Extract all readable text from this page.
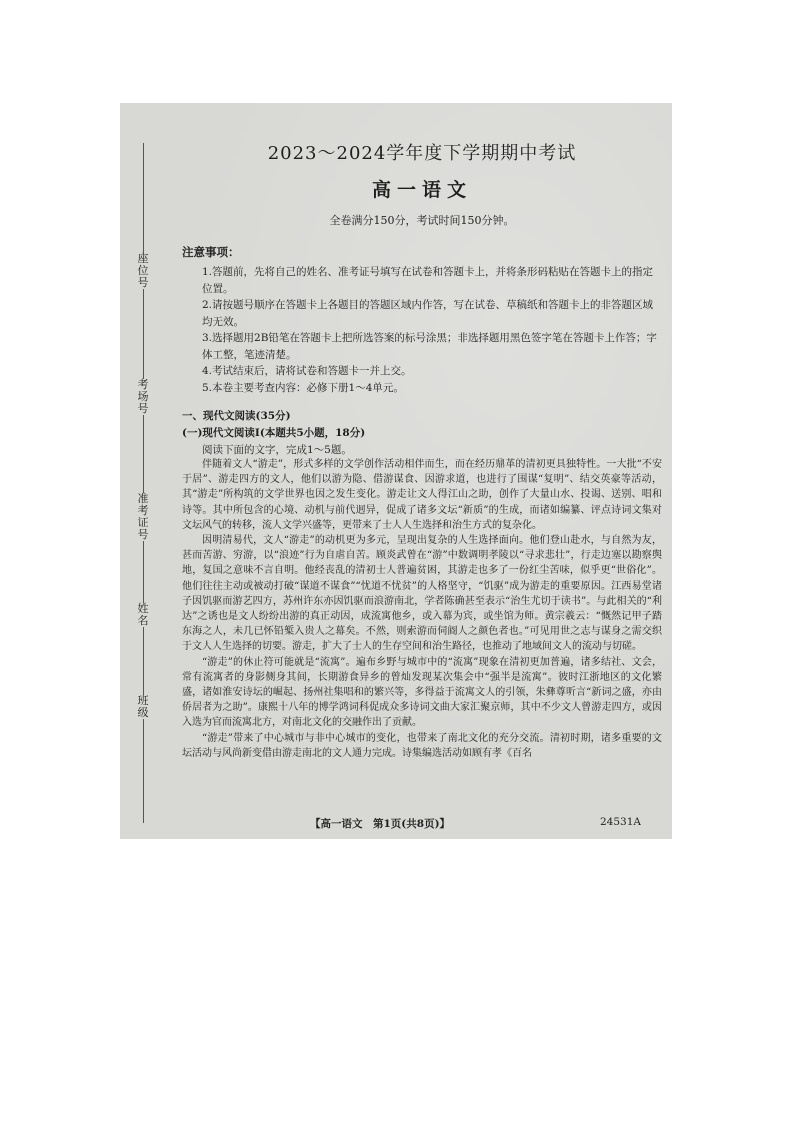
座位号
考场号
准考证号
姓名
班级
2023～2024学年度下学期期中考试
高一语文
全卷满分150分，考试时间150分钟。
注意事项：
1.答题前，先将自己的姓名、准考证号填写在试卷和答题卡上，并将条形码粘贴在答题卡上的指定位置。
2.请按题号顺序在答题卡上各题目的答题区域内作答，写在试卷、草稿纸和答题卡上的非答题区域均无效。
3.选择题用2B铅笔在答题卡上把所选答案的标号涂黑；非选择题用黑色签字笔在答题卡上作答；字体工整，笔迹清楚。
4.考试结束后，请将试卷和答题卡一并上交。
5.本卷主要考查内容：必修下册1～4单元。
一、现代文阅读(35分)
(一)现代文阅读Ⅰ(本题共5小题，18分)
阅读下面的文字，完成1～5题。

伴随着文人“游走”，形式多样的文学创作活动相伴而生，而在经历鼎革的清初更具独特性。一大批“不安于居”、游走四方的文人，他们以游为隐、借游谋食、因游求道，也进行了围谋“复明”、结交英豪等活动，其“游走”所构筑的文学世界也因之发生变化。游走让文人得江山之助，创作了大量山水、投谒、送别、唱和诗等。其中所包含的心境、动机与前代迥异，促成了诸多文坛“新质”的生成，而诸如编纂、评点诗词文集对文坛风气的转移，流人文学兴盛等，更带来了士人人生选择和治生方式的复杂化。

因明清易代，文人“游走”的动机更为多元，呈现出复杂的人生选择面向。他们登山赴水，与自然为友，甚而苦游、穷游，以“浪迹”行为自虐自苦。顾炎武曾在“游”中数调明孝陵以“寻求悲壮”，行走边塞以勘察舆地，复国之意味不言自明。他经丧乱的清初士人普遍贫困，其游走也多了一份红尘苦味，似乎更“世俗化”。他们往往主动或被动打破“谋道不谋食”“忧道不忧贫”的人格坚守，“饥驱”成为游走的重要原因。江西易堂诸子因饥驱而游艺四方，苏州许东亦因饥驱而浪游南北，学者陈确甚至表示“治生尤切于读书”。与此相关的“利达”之诱也是文人纷纷出游的真正动因，成流寓他乡，或入幕为宾，或坐馆为师。黄宗羲云：“慨然记甲子踏东海之人，未几已怀铅椠入贵人之幕矣。不然，则索游而伺阍人之颜色者也。”可见用世之志与谋身之需交织于文人人生选择的切要。游走，扩大了士人的生存空间和治生路径，也推动了地域间文人的流动与切磋。

“游走”的休止符可能就是“流寓”。遍布乡野与城市中的“流寓”现象在清初更加普遍，诸多结社、文会，常有流寓者的身影侧身其间，长期游食异乡的曾灿发现某次集会中“强半是流寓”。彼时江浙地区的文化繁盛，诸如淮安诗坛的崛起、扬州社集唱和的繁兴等，多得益于流寓文人的引领，朱彝尊听言“新词之盛，亦由侨居者为之助”。康熙十八年的博学鸿词科促成众多诗词文曲大家汇聚京师，其中不少文人曾游走四方，或因入选为官而流寓北方，对南北文化的交融作出了贡献。

“游走”带来了中心城市与非中心城市的变化，也带来了南北文化的充分交流。清初时期，诸多重要的文坛活动与风尚新变借由游走南北的文人通力完成。诗集编选活动如顾有孝《百名

【高一语文　第1页(共8页)】	24531A
